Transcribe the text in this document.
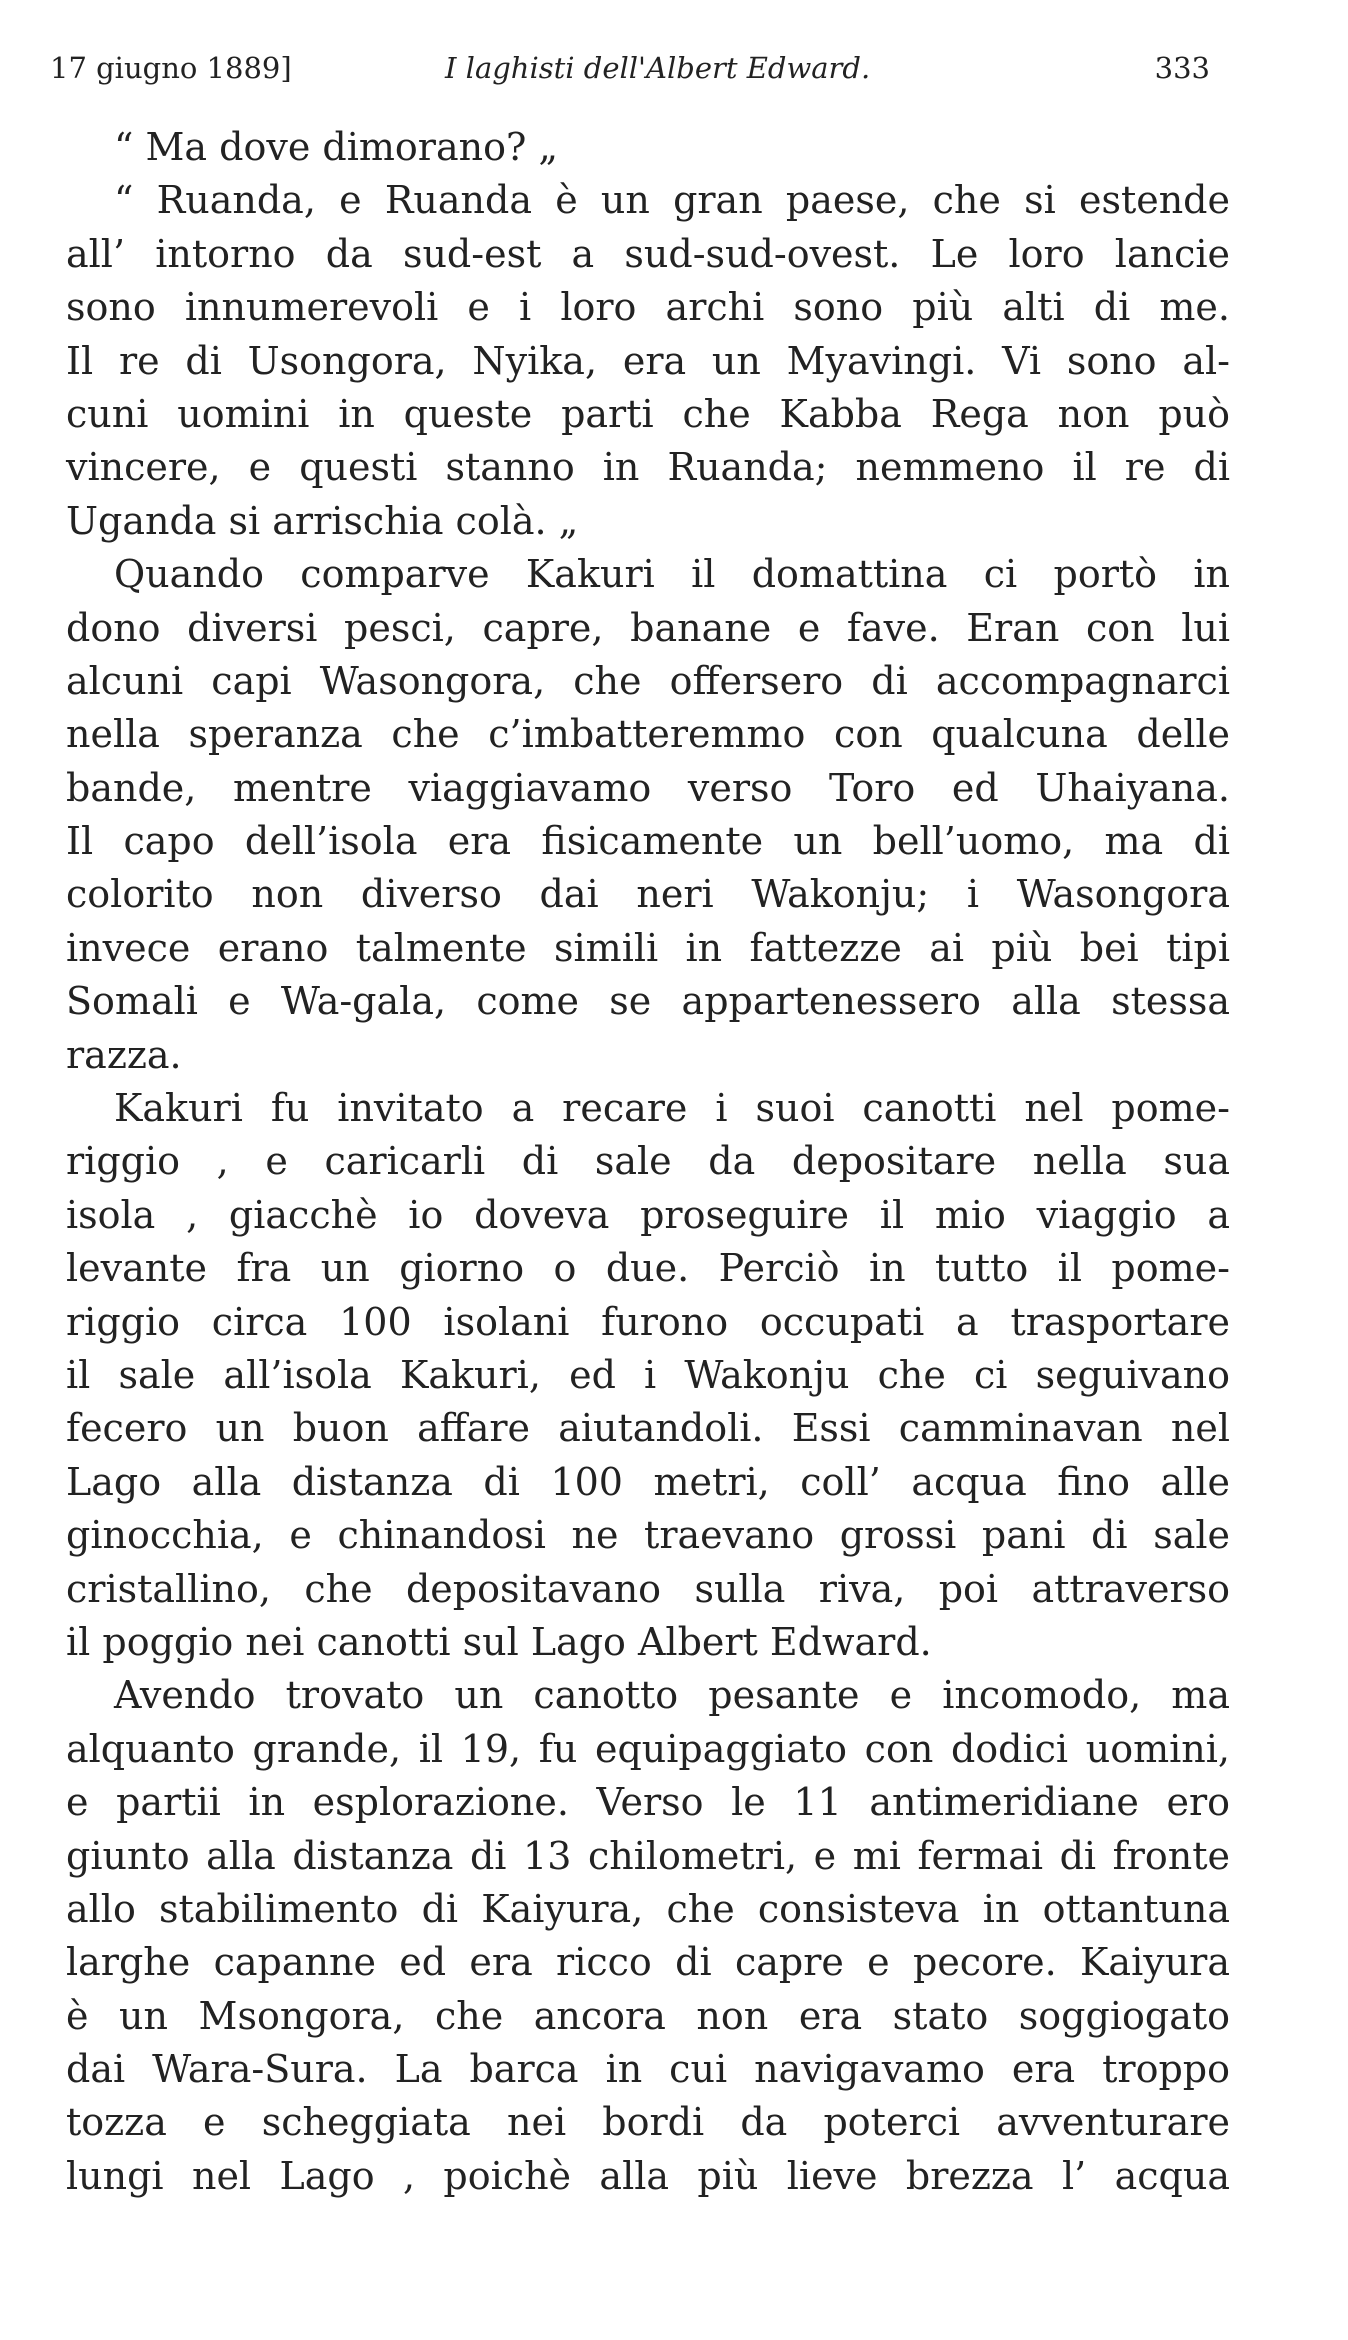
17 giugno 1889]	I laghisti dell'Albert Edward.	333
“ Ma dove dimorano? „
“ Ruanda, e Ruanda è un gran paese, che si estende
all’ intorno da sud-est a sud-sud-ovest. Le loro lancie
sono innumerevoli e i loro archi sono più alti di me.
Il re di Usongora, Nyika, era un Myavingi. Vi sono al-
cuni uomini in queste parti che Kabba Rega non può
vincere, e questi stanno in Ruanda; nemmeno il re di
Uganda si arrischia colà. „
Quando comparve Kakuri il domattina ci portò in
dono diversi pesci, capre, banane e fave. Eran con lui
alcuni capi Wasongora, che offersero di accompagnarci
nella speranza che c’imbatteremmo con qualcuna delle
bande, mentre viaggiavamo verso Toro ed Uhaiyana.
Il capo dell’isola era fisicamente un bell’uomo, ma di
colorito non diverso dai neri Wakonju; i Wasongora
invece erano talmente simili in fattezze ai più bei tipi
Somali e Wa-gala, come se appartenessero alla stessa
razza.
Kakuri fu invitato a recare i suoi canotti nel pome-
riggio , e caricarli di sale da depositare nella sua
isola , giacchè io doveva proseguire il mio viaggio a
levante fra un giorno o due. Perciò in tutto il pome-
riggio circa 100 isolani furono occupati a trasportare
il sale all’isola Kakuri, ed i Wakonju che ci seguivano
fecero un buon affare aiutandoli. Essi camminavan nel
Lago alla distanza di 100 metri, coll’ acqua fino alle
ginocchia, e chinandosi ne traevano grossi pani di sale
cristallino, che depositavano sulla riva, poi attraverso
il poggio nei canotti sul Lago Albert Edward.
Avendo trovato un canotto pesante e incomodo, ma
alquanto grande, il 19, fu equipaggiato con dodici uomini,
e partii in esplorazione. Verso le 11 antimeridiane ero
giunto alla distanza di 13 chilometri, e mi fermai di fronte
allo stabilimento di Kaiyura, che consisteva in ottantuna
larghe capanne ed era ricco di capre e pecore. Kaiyura
è un Msongora, che ancora non era stato soggiogato
dai Wara-Sura. La barca in cui navigavamo era troppo
tozza e scheggiata nei bordi da poterci avventurare
lungi nel Lago , poichè alla più lieve brezza l’ acqua
